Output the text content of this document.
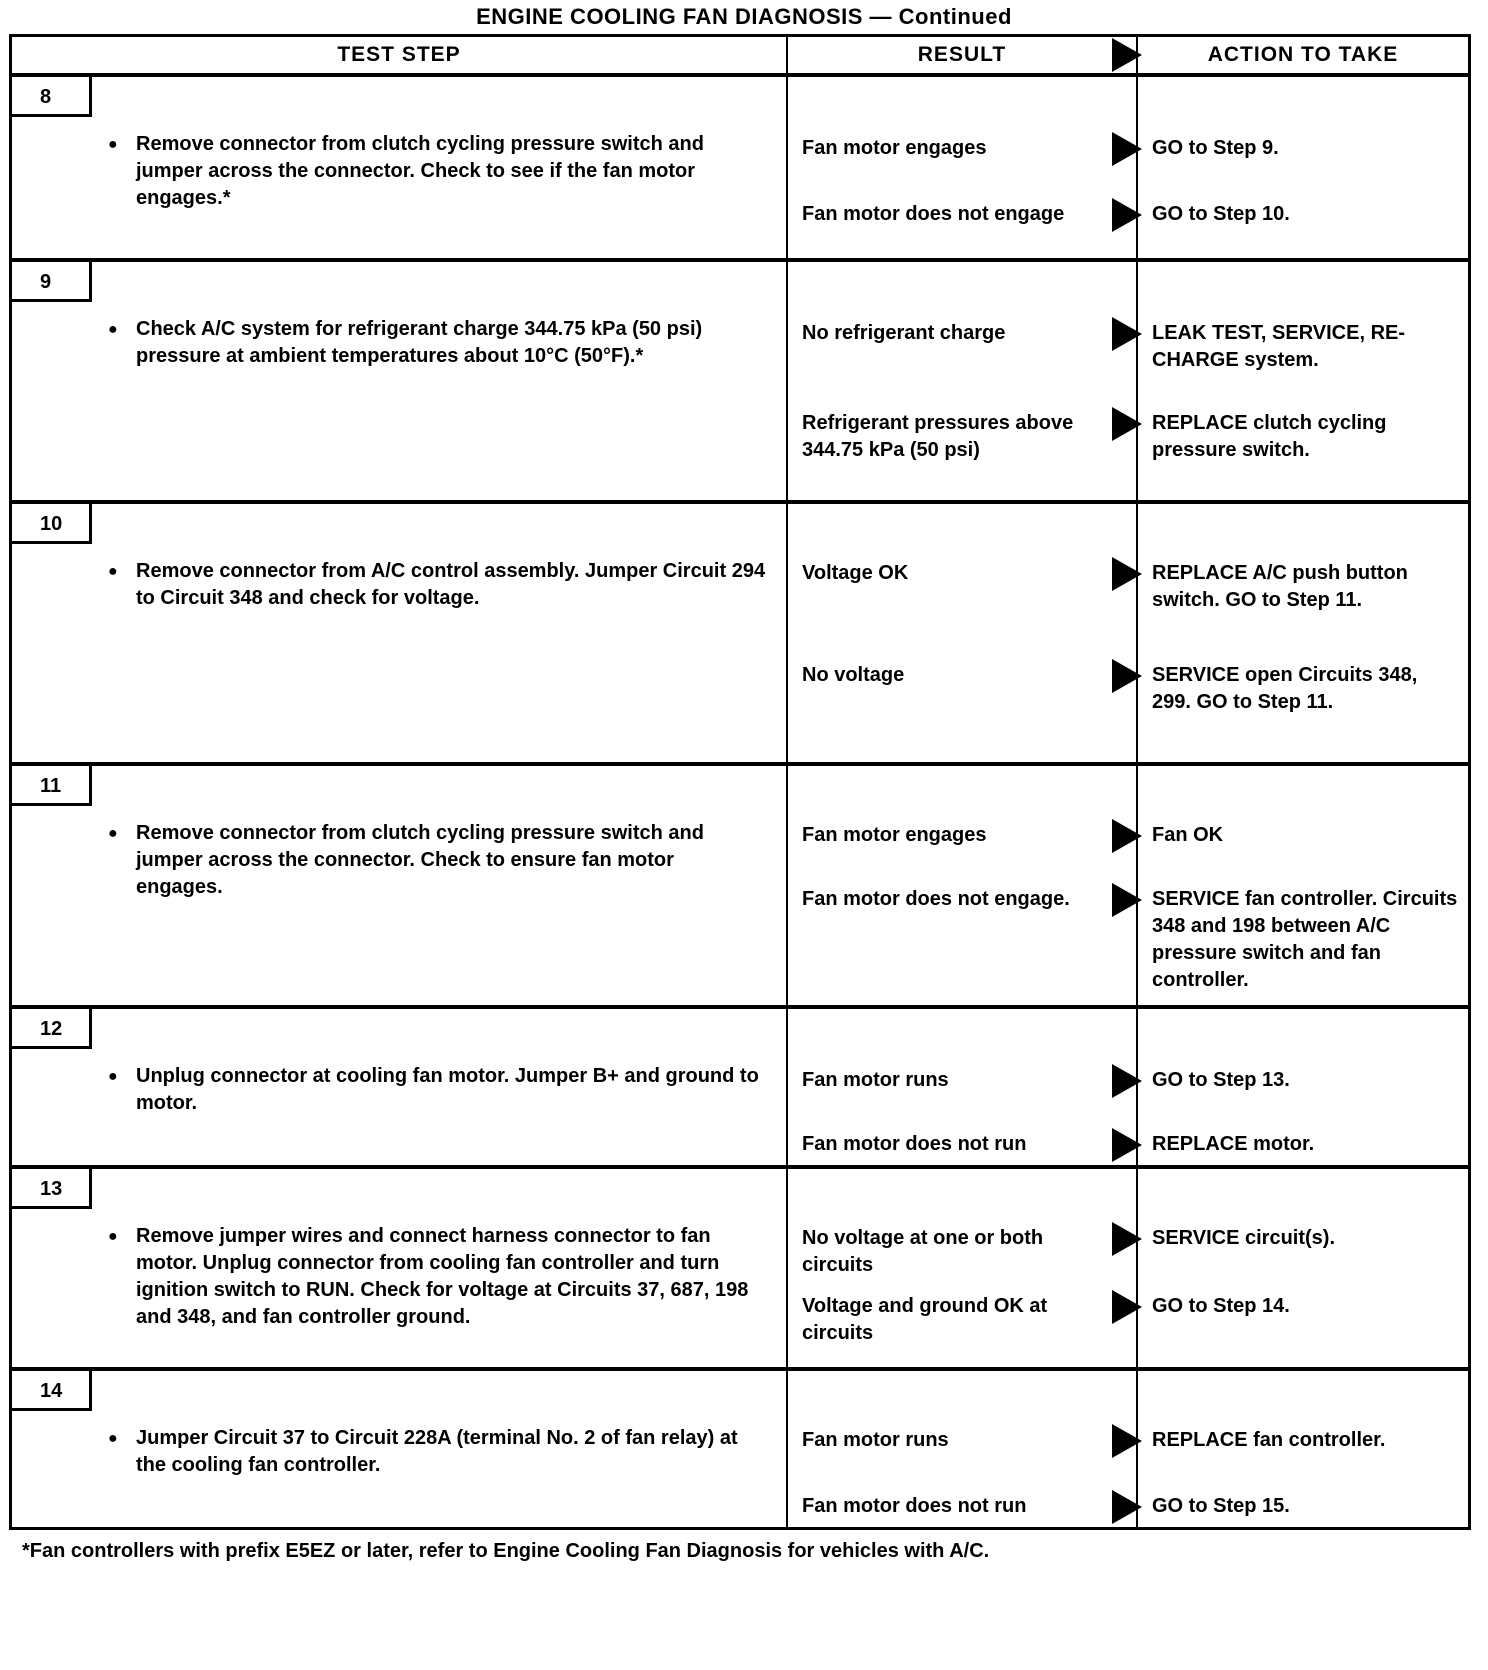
ENGINE COOLING FAN DIAGNOSIS — Continued
TEST STEP	RESULT	ACTION TO TAKE
8
● Remove connector from clutch cycling pressure switch and jumper across the connector. Check to see if the fan motor engages.*
Fan motor engages
Fan motor does not engage
GO to Step 9.
GO to Step 10.
9
● Check A/C system for refrigerant charge 344.75 kPa (50 psi) pressure at ambient temperatures about 10°C (50°F).*
No refrigerant charge
Refrigerant pressures above 344.75 kPa (50 psi)
LEAK TEST, SERVICE, RE-CHARGE system.
REPLACE clutch cycling pressure switch.
10
● Remove connector from A/C control assembly. Jumper Circuit 294 to Circuit 348 and check for voltage.
Voltage OK
No voltage
REPLACE A/C push button switch. GO to Step 11.
SERVICE open Circuits 348, 299. GO to Step 11.
11
● Remove connector from clutch cycling pressure switch and jumper across the connector. Check to ensure fan motor engages.
Fan motor engages
Fan motor does not engage.
Fan OK
SERVICE fan controller. Circuits 348 and 198 between A/C pressure switch and fan controller.
12
● Unplug connector at cooling fan motor. Jumper B+ and ground to motor.
Fan motor runs
Fan motor does not run
GO to Step 13.
REPLACE motor.
13
● Remove jumper wires and connect harness connector to fan motor. Unplug connector from cooling fan controller and turn ignition switch to RUN. Check for voltage at Circuits 37, 687, 198 and 348, and fan controller ground.
No voltage at one or both circuits
Voltage and ground OK at circuits
SERVICE circuit(s).
GO to Step 14.
14
● Jumper Circuit 37 to Circuit 228A (terminal No. 2 of fan relay) at the cooling fan controller.
Fan motor runs
Fan motor does not run
REPLACE fan controller.
GO to Step 15.
*Fan controllers with prefix E5EZ or later, refer to Engine Cooling Fan Diagnosis for vehicles with A/C.
